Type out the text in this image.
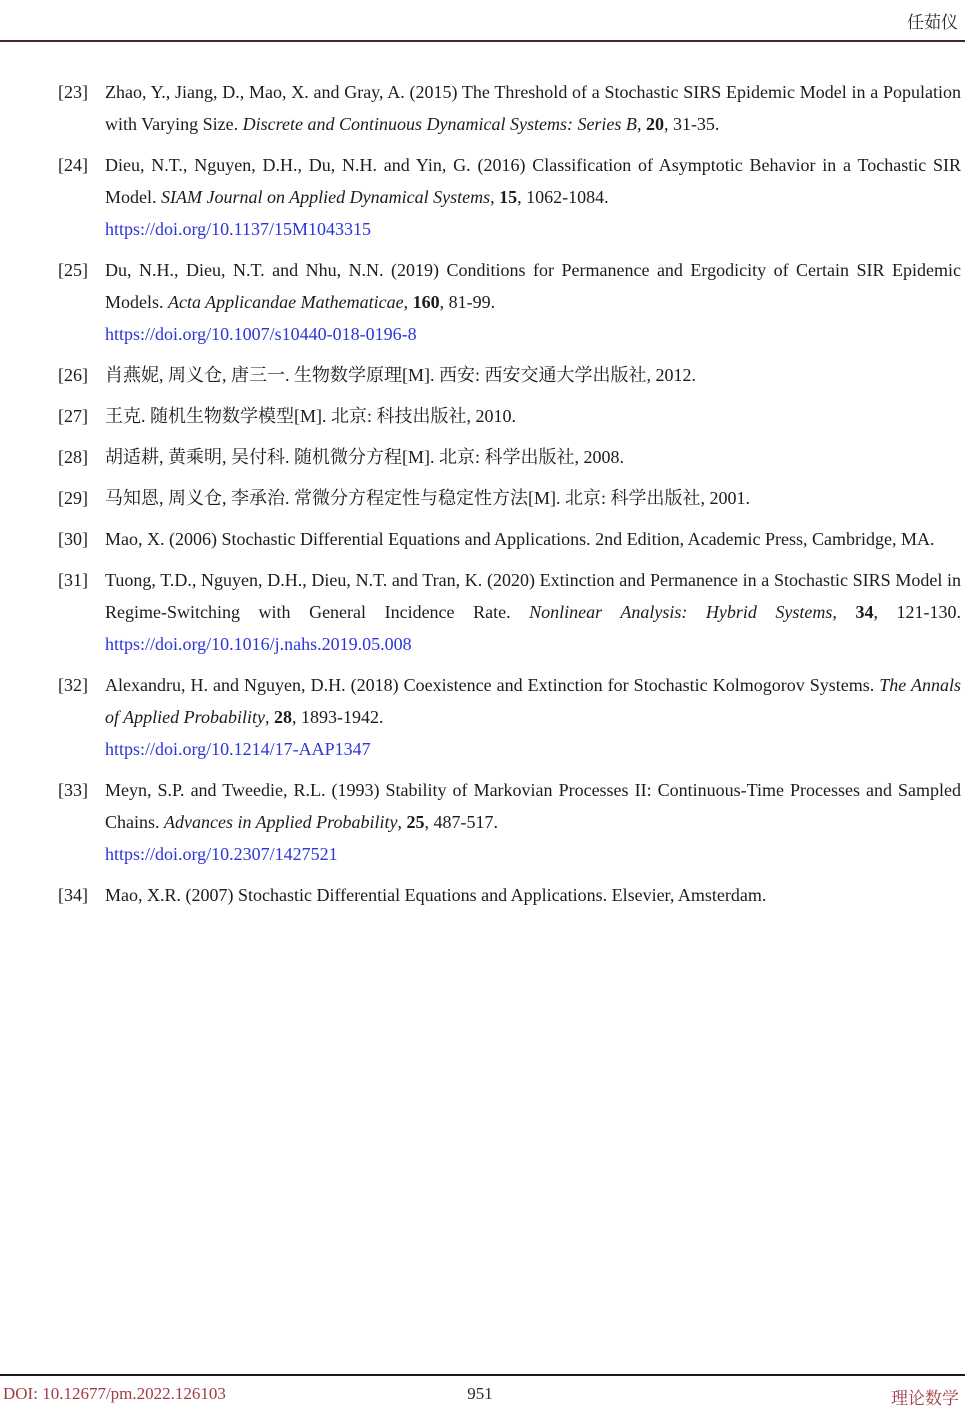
任茹仪
[23] Zhao, Y., Jiang, D., Mao, X. and Gray, A. (2015) The Threshold of a Stochastic SIRS Epidemic Model in a Population with Varying Size. Discrete and Continuous Dynamical Systems: Series B, 20, 31-35.
[24] Dieu, N.T., Nguyen, D.H., Du, N.H. and Yin, G. (2016) Classification of Asymptotic Behavior in a Tochastic SIR Model. SIAM Journal on Applied Dynamical Systems, 15, 1062-1084.
https://doi.org/10.1137/15M1043315
[25] Du, N.H., Dieu, N.T. and Nhu, N.N. (2019) Conditions for Permanence and Ergodicity of Certain SIR Epidemic Models. Acta Applicandae Mathematicae, 160, 81-99.
https://doi.org/10.1007/s10440-018-0196-8
[26] 肖燕妮, 周义仓, 唐三一. 生物数学原理[M]. 西安: 西安交通大学出版社, 2012.
[27] 王克. 随机生物数学模型[M]. 北京: 科技出版社, 2010.
[28] 胡适耕, 黄乘明, 吴付科. 随机微分方程[M]. 北京: 科学出版社, 2008.
[29] 马知恩, 周义仓, 李承治. 常微分方程定性与稳定性方法[M]. 北京: 科学出版社, 2001.
[30] Mao, X. (2006) Stochastic Differential Equations and Applications. 2nd Edition, Academic Press, Cambridge, MA.
[31] Tuong, T.D., Nguyen, D.H., Dieu, N.T. and Tran, K. (2020) Extinction and Permanence in a Stochastic SIRS Model in Regime-Switching with General Incidence Rate. Nonlinear Analysis: Hybrid Systems, 34, 121-130. https://doi.org/10.1016/j.nahs.2019.05.008
[32] Alexandru, H. and Nguyen, D.H. (2018) Coexistence and Extinction for Stochastic Kolmogorov Systems. The Annals of Applied Probability, 28, 1893-1942.
https://doi.org/10.1214/17-AAP1347
[33] Meyn, S.P. and Tweedie, R.L. (1993) Stability of Markovian Processes II: Continuous-Time Processes and Sampled Chains. Advances in Applied Probability, 25, 487-517.
https://doi.org/10.2307/1427521
[34] Mao, X.R. (2007) Stochastic Differential Equations and Applications. Elsevier, Amsterdam.
DOI: 10.12677/pm.2022.126103	951	理论数学
